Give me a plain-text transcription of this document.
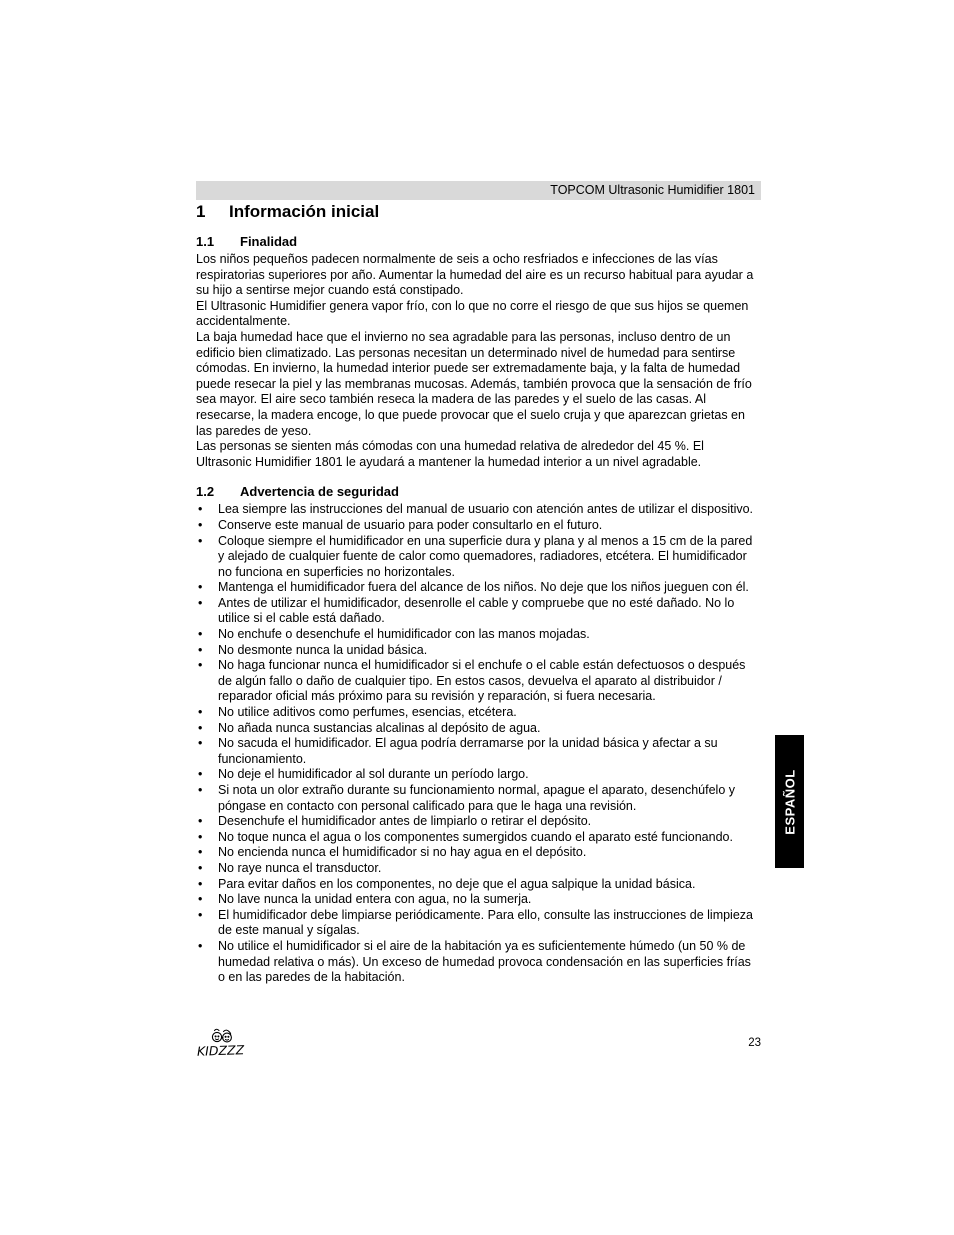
TOPCOM Ultrasonic Humidifier 1801
1	Información inicial
1.1	Finalidad

Los niños pequeños padecen normalmente de seis a ocho resfriados e infecciones de las vías respiratorias superiores por año. Aumentar la humedad del aire es un recurso habitual para ayudar a su hijo a sentirse mejor cuando está constipado.

El Ultrasonic Humidifier genera vapor frío, con lo que no corre el riesgo de que sus hijos se quemen accidentalmente.

La baja humedad hace que el invierno no sea agradable para las personas, incluso dentro de un edificio bien climatizado. Las personas necesitan un determinado nivel de humedad para sentirse cómodas. En invierno, la humedad interior puede ser extremadamente baja, y la falta de humedad puede resecar la piel y las membranas mucosas. Además, también provoca que la sensación de frío sea mayor. El aire seco también reseca la madera de las paredes y el suelo de las casas. Al resecarse, la madera encoge, lo que puede provocar que el suelo cruja y que aparezcan grietas en las paredes de yeso.

Las personas se sienten más cómodas con una humedad relativa de alrededor del 45 %. El Ultrasonic Humidifier 1801 le ayudará a mantener la humedad interior a un nivel agradable.

1.2	Advertencia de seguridad
• Lea siempre las instrucciones del manual de usuario con atención antes de utilizar el dispositivo.
• Conserve este manual de usuario para poder consultarlo en el futuro.
• Coloque siempre el humidificador en una superficie dura y plana y al menos a 15 cm de la pared y alejado de cualquier fuente de calor como quemadores, radiadores, etcétera. El humidificador no funciona en superficies no horizontales.
• Mantenga el humidificador fuera del alcance de los niños. No deje que los niños jueguen con él.
• Antes de utilizar el humidificador, desenrolle el cable y compruebe que no esté dañado. No lo utilice si el cable está dañado.
• No enchufe o desenchufe el humidificador con las manos mojadas.
• No desmonte nunca la unidad básica.
• No haga funcionar nunca el humidificador si el enchufe o el cable están defectuosos o después de algún fallo o daño de cualquier tipo. En estos casos, devuelva el aparato al distribuidor / reparador oficial más próximo para su revisión y reparación, si fuera necesaria.
• No utilice aditivos como perfumes, esencias, etcétera.
• No añada nunca sustancias alcalinas al depósito de agua.
• No sacuda el humidificador. El agua podría derramarse por la unidad básica y afectar a su funcionamiento.
• No deje el humidificador al sol durante un período largo.
• Si nota un olor extraño durante su funcionamiento normal, apague el aparato, desenchúfelo y póngase en contacto con personal calificado para que le haga una revisión.
• Desenchufe el humidificador antes de limpiarlo o retirar el depósito.
• No toque nunca el agua o los componentes sumergidos cuando el aparato esté funcionando.
• No encienda nunca el humidificador si no hay agua en el depósito.
• No raye nunca el transductor.
• Para evitar daños en los componentes, no deje que el agua salpique la unidad básica.
• No lave nunca la unidad entera con agua, no la sumerja.
• El humidificador debe limpiarse periódicamente. Para ello, consulte las instrucciones de limpieza de este manual y sígalas.
• No utilice el humidificador si el aire de la habitación ya es suficientemente húmedo (un 50 % de humedad relativa o más). Un exceso de humedad provoca condensación en las superficies frías o en las paredes de la habitación.
KIDZZZ	23
ESPAÑOL
